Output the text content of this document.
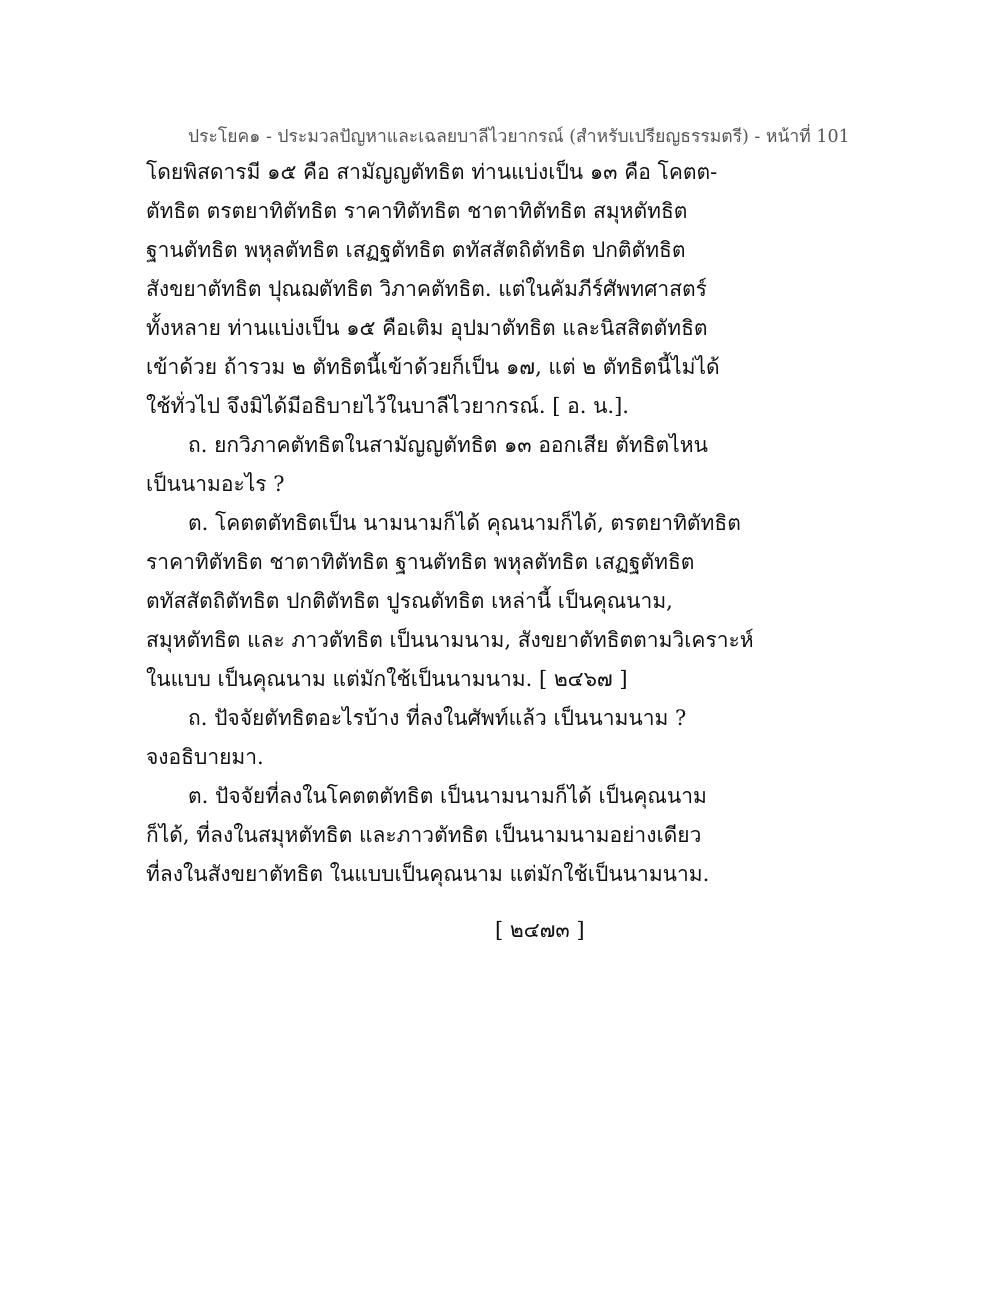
ประโยค๑ - ประมวลปัญหาและเฉลยบาลีไวยากรณ์ (สำหรับเปรียญธรรมตรี) - หน้าที่ 101
โดยพิสดารมี ๑๕ คือ สามัญญตัทธิต ท่านแบ่งเป็น ๑๓ คือ โคตต-
ตัทธิต ตรตยาทิตัทธิต ราคาทิตัทธิต ชาตาทิตัทธิต สมุหตัทธิต
ฐานตัทธิต พหุลตัทธิต เสฏฐตัทธิต ตทัสสัตถิตัทธิต ปกติตัทธิต
สังขยาตัทธิต ปุณฌตัทธิต วิภาคตัทธิต. แต่ในคัมภีร์ศัพทศาสตร์
ทั้งหลาย ท่านแบ่งเป็น ๑๕ คือเติม อุปมาตัทธิต และนิสสิตตัทธิต
เข้าด้วย ถ้ารวม ๒ ตัทธิตนี้เข้าด้วยก็เป็น ๑๗, แต่ ๒ ตัทธิตนี้ไม่ได้
ใช้ทั่วไป จึงมิได้มีอธิบายไว้ในบาลีไวยากรณ์. [ อ. น.].
ถ. ยกวิภาคตัทธิตในสามัญญตัทธิต ๑๓ ออกเสีย ตัทธิตไหน
เป็นนามอะไร ?
ต. โคตตตัทธิตเป็น นามนามก็ได้ คุณนามก็ได้, ตรตยาทิตัทธิต
ราคาทิตัทธิต ชาตาทิตัทธิต ฐานตัทธิต พหุลตัทธิต เสฏฐตัทธิต
ตทัสสัตถิตัทธิต ปกติตัทธิต ปูรณตัทธิต เหล่านี้ เป็นคุณนาม,
สมุหตัทธิต และ ภาวตัทธิต เป็นนามนาม, สังขยาตัทธิตตามวิเคราะห์
ในแบบ เป็นคุณนาม แต่มักใช้เป็นนามนาม. [ ๒๔๖๗ ]
ถ. ปัจจัยตัทธิตอะไรบ้าง ที่ลงในศัพท์แล้ว เป็นนามนาม ?
จงอธิบายมา.
ต. ปัจจัยที่ลงในโคตตตัทธิต เป็นนามนามก็ได้ เป็นคุณนาม
ก็ได้, ที่ลงในสมุหตัทธิต และภาวตัทธิต เป็นนามนามอย่างเดียว
ที่ลงในสังขยาตัทธิต ในแบบเป็นคุณนาม แต่มักใช้เป็นนามนาม.
[ ๒๔๗๓ ]
